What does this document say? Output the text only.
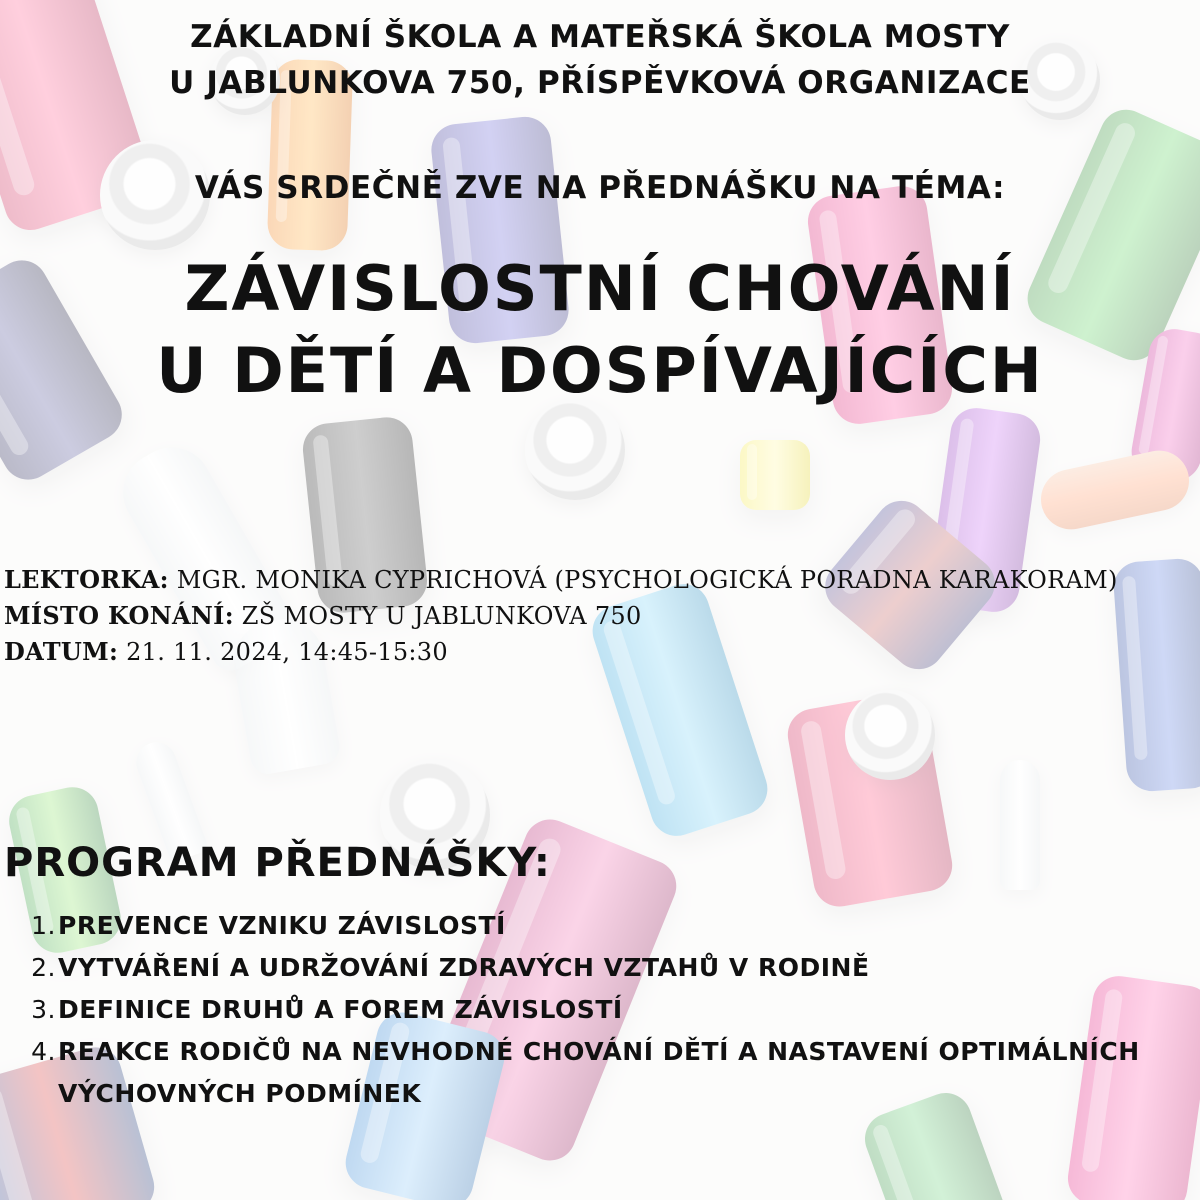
ZÁKLADNÍ ŠKOLA A MATEŘSKÁ ŠKOLA MOSTY
U JABLUNKOVA 750, PŘÍSPĚVKOVÁ ORGANIZACE
VÁS SRDEČNĚ ZVE NA PŘEDNÁŠKU NA TÉMA:
ZÁVISLOSTNÍ CHOVÁNÍ
U DĚTÍ A DOSPÍVAJÍCÍCH
LEKTORKA: MGR. MONIKA CYPRICHOVÁ (PSYCHOLOGICKÁ PORADNA KARAKORAM)
MÍSTO KONÁNÍ: ZŠ MOSTY U JABLUNKOVA 750
DATUM: 21. 11. 2024, 14:45-15:30
PROGRAM PŘEDNÁŠKY:
1. PREVENCE VZNIKU ZÁVISLOSTÍ
2. VYTVÁŘENÍ A UDRŽOVÁNÍ ZDRAVÝCH VZTAHŮ V RODINĚ
3. DEFINICE DRUHŮ A FOREM ZÁVISLOSTÍ
4. REAKCE RODIČŮ NA NEVHODNÉ CHOVÁNÍ DĚTÍ A NASTAVENÍ OPTIMÁLNÍCH VÝCHOVNÝCH PODMÍNEK
